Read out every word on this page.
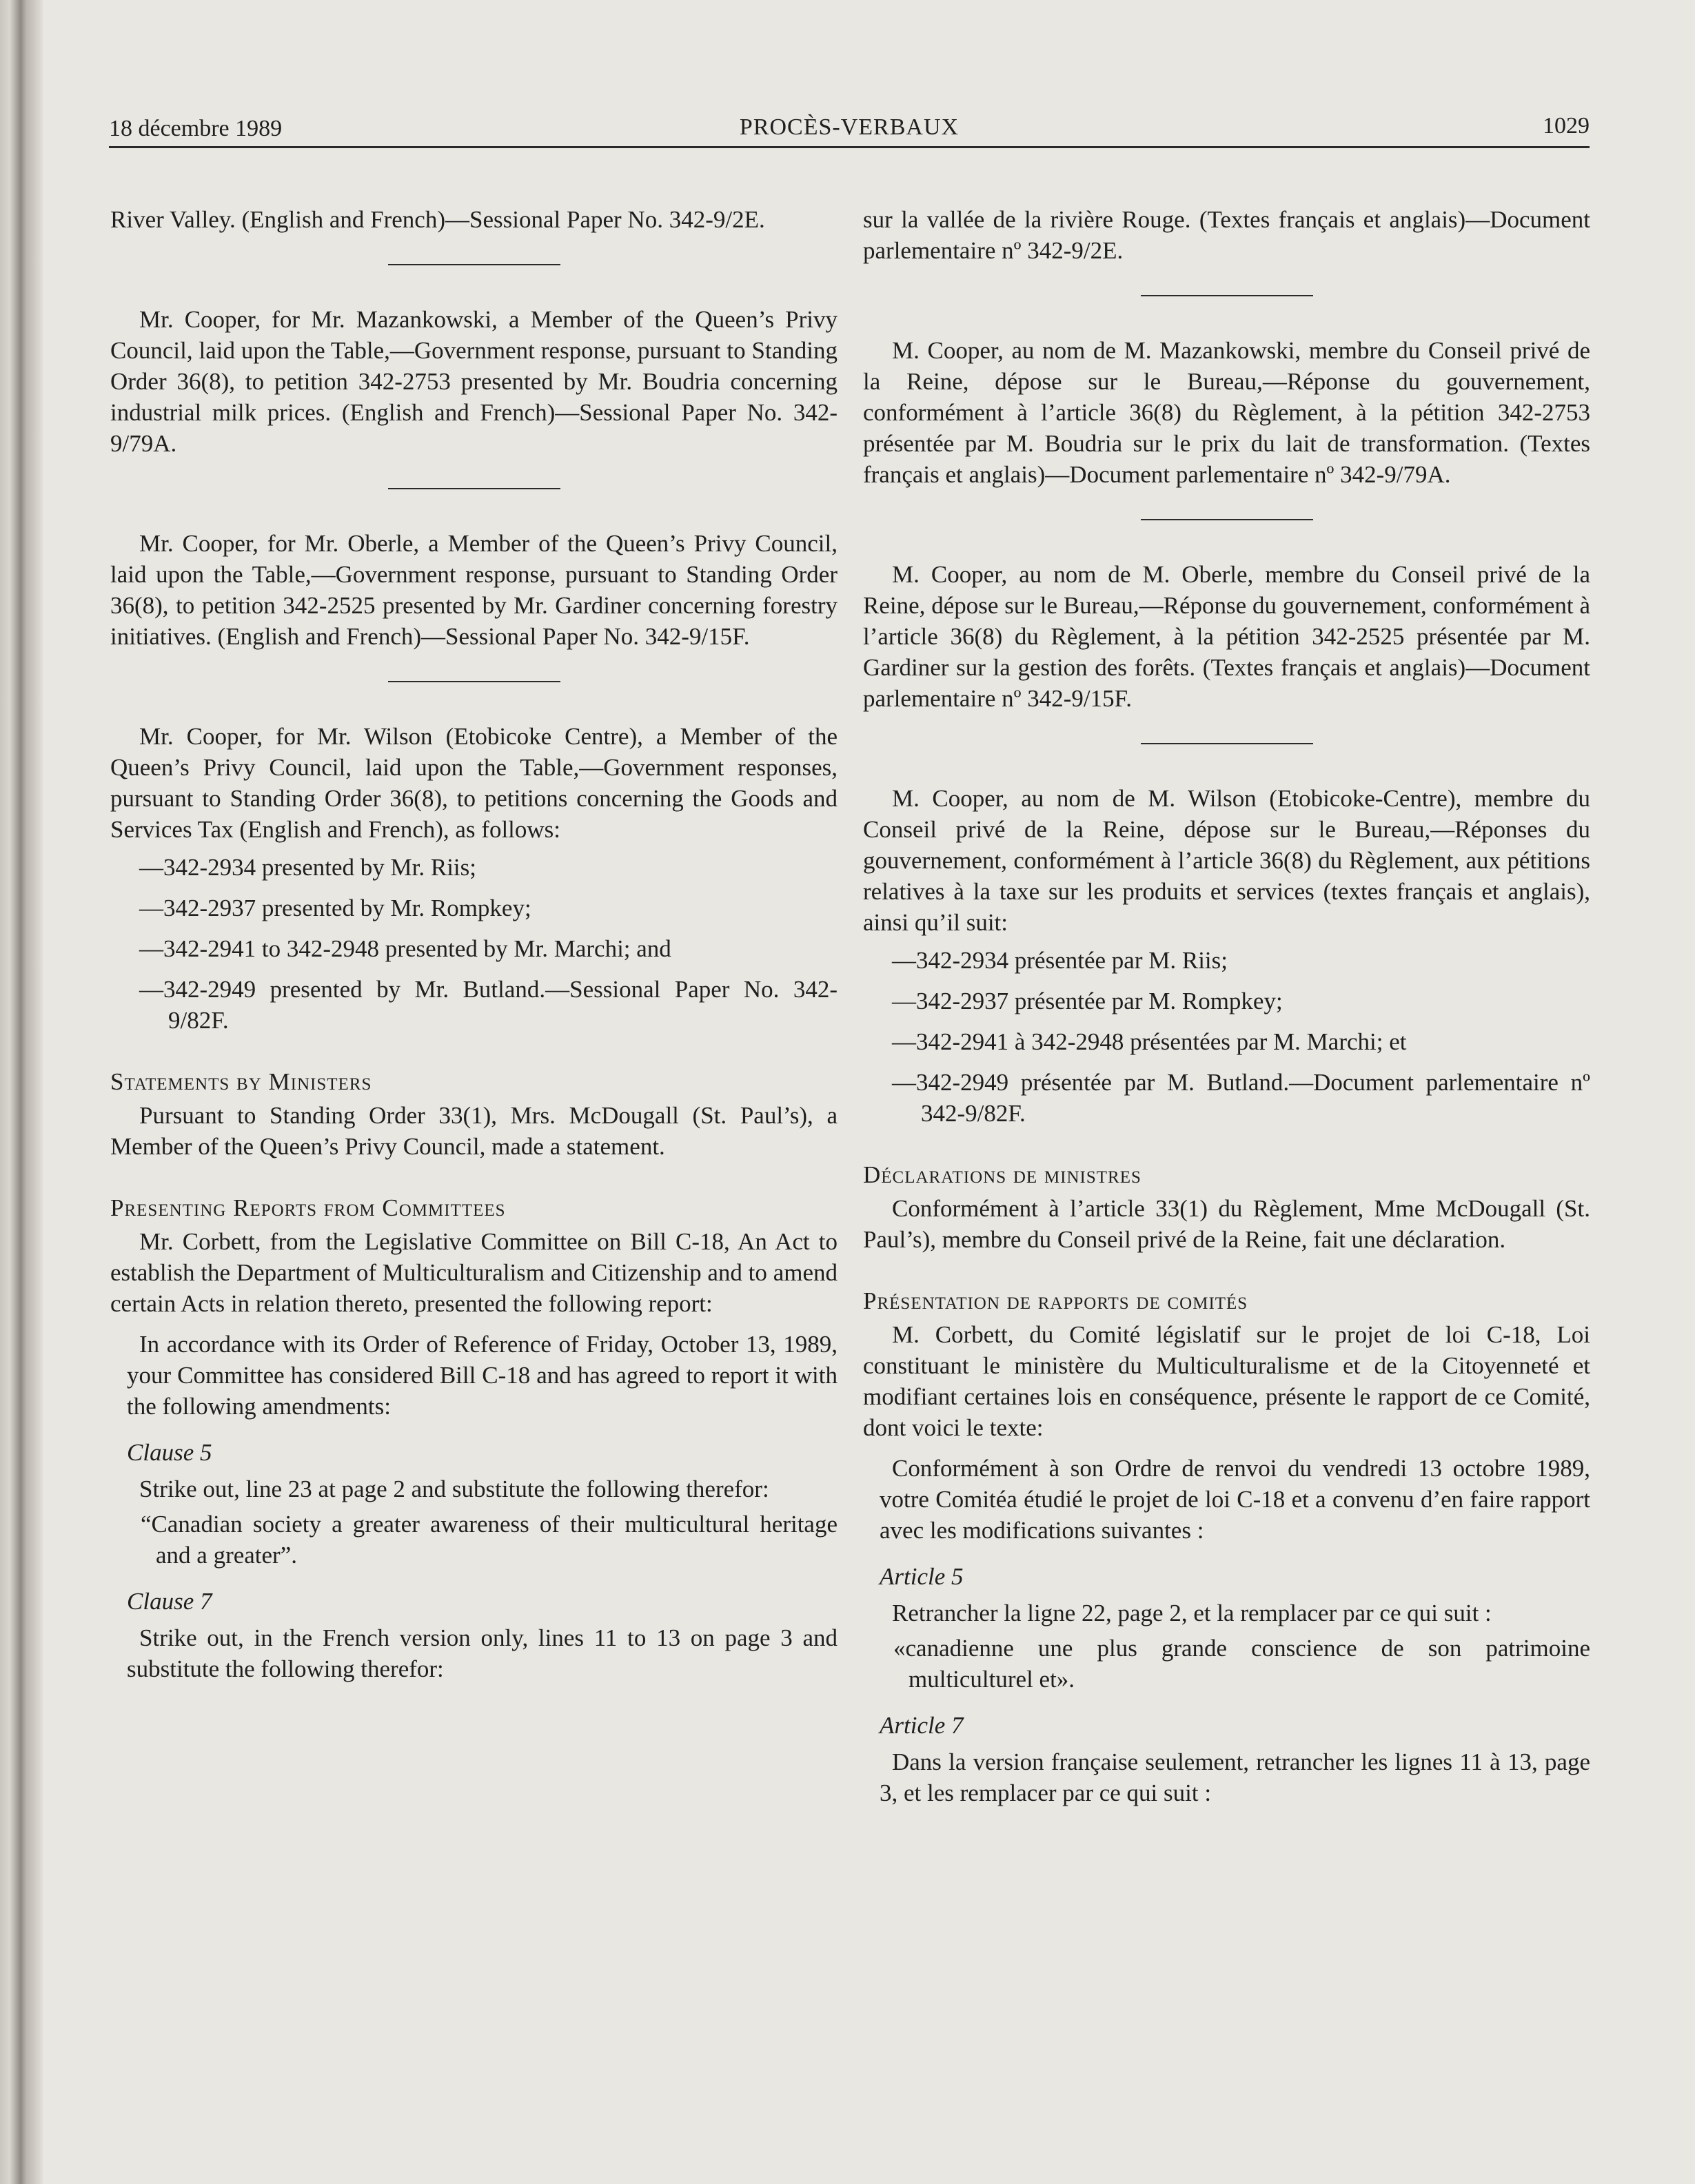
18 décembre 1989	PROCÈS-VERBAUX	1029

River Valley. (English and French)—Sessional Paper No. 342-9/2E.

Mr. Cooper, for Mr. Mazankowski, a Member of the Queen’s Privy Council, laid upon the Table,—Government response, pursuant to Standing Order 36(8), to petition 342-2753 presented by Mr. Boudria concerning industrial milk prices. (English and French)—Sessional Paper No. 342-9/79A.

Mr. Cooper, for Mr. Oberle, a Member of the Queen’s Privy Council, laid upon the Table,—Government response, pursuant to Standing Order 36(8), to petition 342-2525 presented by Mr. Gardiner concerning forestry initiatives. (English and French)—Sessional Paper No. 342-9/15F.

Mr. Cooper, for Mr. Wilson (Etobicoke Centre), a Member of the Queen’s Privy Council, laid upon the Table,—Government responses, pursuant to Standing Order 36(8), to petitions concerning the Goods and Services Tax (English and French), as follows:

—342-2934 presented by Mr. Riis;

—342-2937 presented by Mr. Rompkey;

—342-2941 to 342-2948 presented by Mr. Marchi; and

—342-2949 presented by Mr. Butland.—Sessional Paper No. 342-9/82F.

Statements by Ministers

Pursuant to Standing Order 33(1), Mrs. McDougall (St. Paul’s), a Member of the Queen’s Privy Council, made a statement.

Presenting Reports from Committees

Mr. Corbett, from the Legislative Committee on Bill C-18, An Act to establish the Department of Multiculturalism and Citizenship and to amend certain Acts in relation thereto, presented the following report:

In accordance with its Order of Reference of Friday, October 13, 1989, your Committee has considered Bill C-18 and has agreed to report it with the following amendments:

Clause 5

Strike out, line 23 at page 2 and substitute the following therefor:

“Canadian society a greater awareness of their multicultural heritage and a greater”.

Clause 7

Strike out, in the French version only, lines 11 to 13 on page 3 and substitute the following therefor:

sur la vallée de la rivière Rouge. (Textes français et anglais)—Document parlementaire nº 342-9/2E.

M. Cooper, au nom de M. Mazankowski, membre du Conseil privé de la Reine, dépose sur le Bureau,—Réponse du gouvernement, conformément à l’article 36(8) du Règlement, à la pétition 342-2753 présentée par M. Boudria sur le prix du lait de transformation. (Textes français et anglais)—Document parlementaire nº 342-9/79A.

M. Cooper, au nom de M. Oberle, membre du Conseil privé de la Reine, dépose sur le Bureau,—Réponse du gouvernement, conformément à l’article 36(8) du Règlement, à la pétition 342-2525 présentée par M. Gardiner sur la gestion des forêts. (Textes français et anglais)—Document parlementaire nº 342-9/15F.

M. Cooper, au nom de M. Wilson (Etobicoke-Centre), membre du Conseil privé de la Reine, dépose sur le Bureau,—Réponses du gouvernement, conformément à l’article 36(8) du Règlement, aux pétitions relatives à la taxe sur les produits et services (textes français et anglais), ainsi qu’il suit:

—342-2934 présentée par M. Riis;

—342-2937 présentée par M. Rompkey;

—342-2941 à 342-2948 présentées par M. Marchi; et

—342-2949 présentée par M. Butland.—Document parlementaire nº 342-9/82F.

Déclarations de ministres

Conformément à l’article 33(1) du Règlement, Mme McDougall (St. Paul’s), membre du Conseil privé de la Reine, fait une déclaration.

Présentation de rapports de comités

M. Corbett, du Comité législatif sur le projet de loi C-18, Loi constituant le ministère du Multiculturalisme et de la Citoyenneté et modifiant certaines lois en conséquence, présente le rapport de ce Comité, dont voici le texte:

Conformément à son Ordre de renvoi du vendredi 13 octobre 1989, votre Comitéa étudié le projet de loi C-18 et a convenu d’en faire rapport avec les modifications suivantes :

Article 5

Retrancher la ligne 22, page 2, et la remplacer par ce qui suit :

«canadienne une plus grande conscience de son patrimoine multiculturel et».

Article 7

Dans la version française seulement, retrancher les lignes 11 à 13, page 3, et les remplacer par ce qui suit :
